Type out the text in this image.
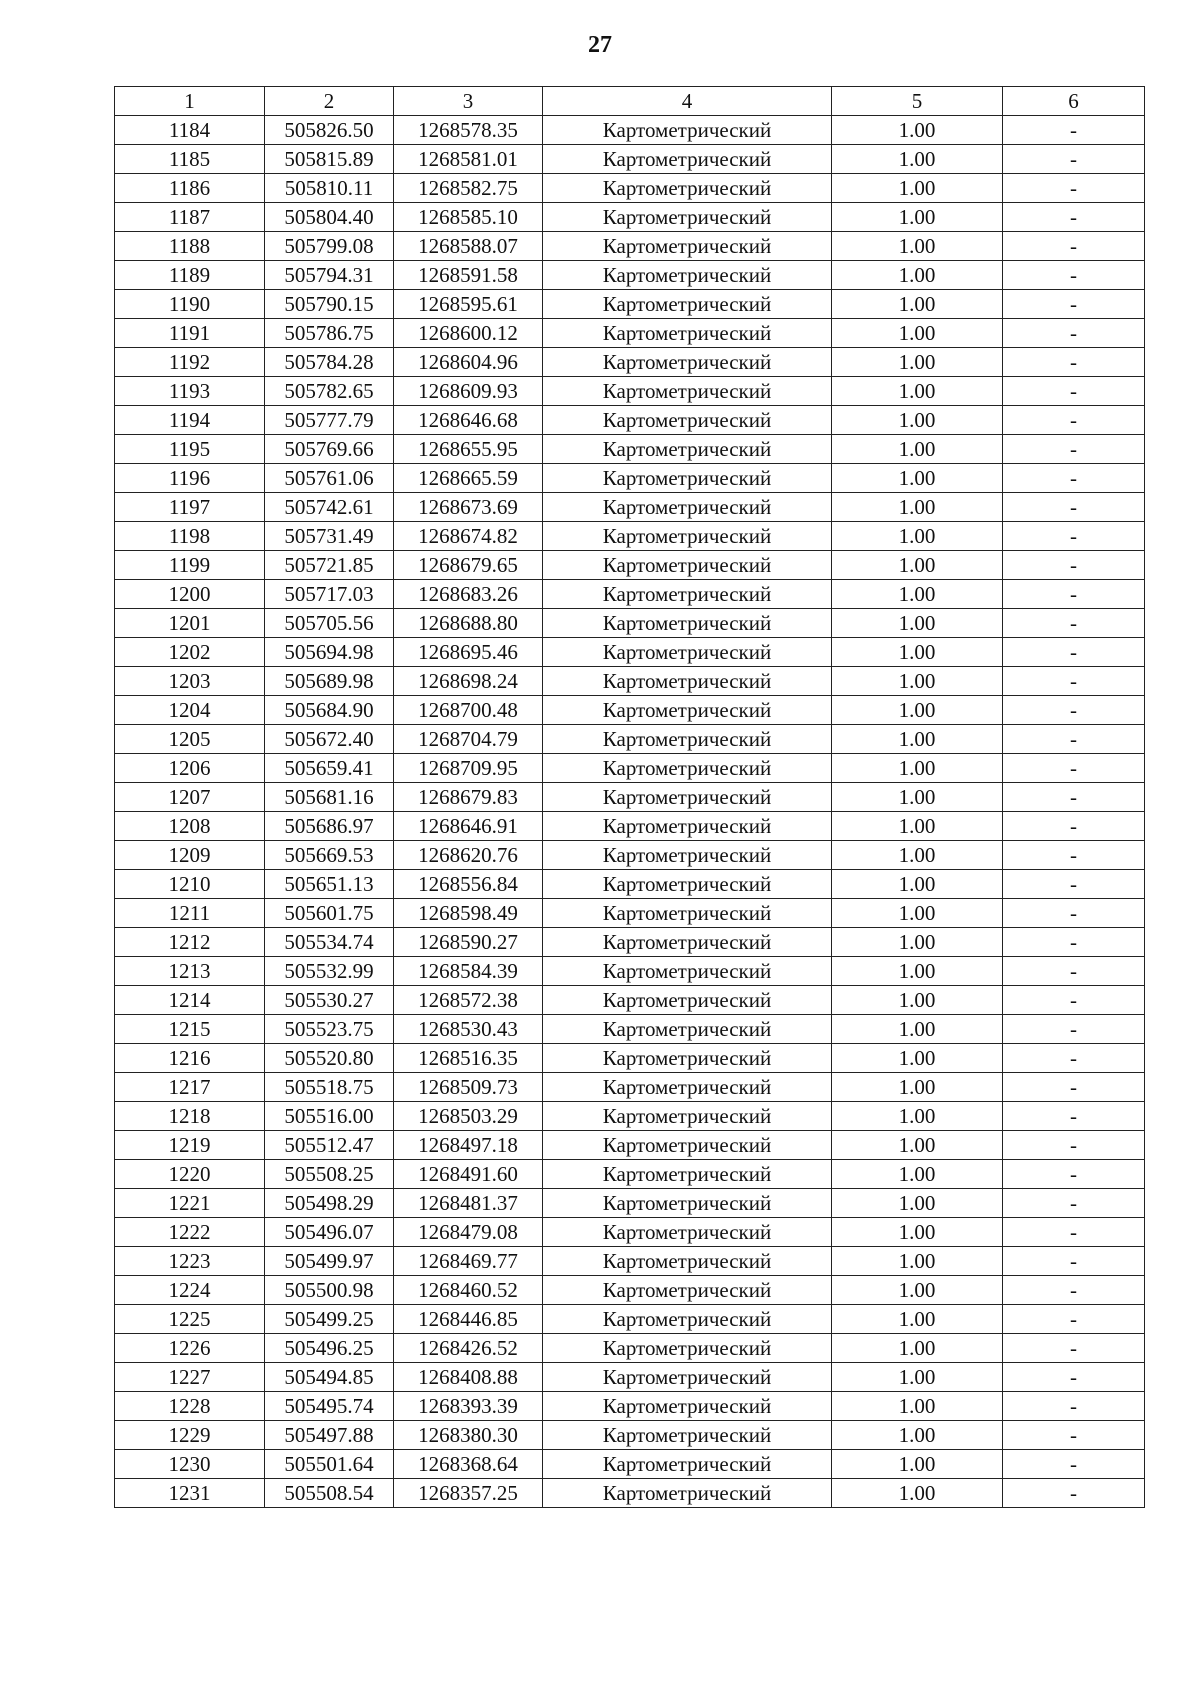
27
1	2	3	4	5	6
1184	505826.50	1268578.35	Картометрический	1.00	-
1185	505815.89	1268581.01	Картометрический	1.00	-
1186	505810.11	1268582.75	Картометрический	1.00	-
1187	505804.40	1268585.10	Картометрический	1.00	-
1188	505799.08	1268588.07	Картометрический	1.00	-
1189	505794.31	1268591.58	Картометрический	1.00	-
1190	505790.15	1268595.61	Картометрический	1.00	-
1191	505786.75	1268600.12	Картометрический	1.00	-
1192	505784.28	1268604.96	Картометрический	1.00	-
1193	505782.65	1268609.93	Картометрический	1.00	-
1194	505777.79	1268646.68	Картометрический	1.00	-
1195	505769.66	1268655.95	Картометрический	1.00	-
1196	505761.06	1268665.59	Картометрический	1.00	-
1197	505742.61	1268673.69	Картометрический	1.00	-
1198	505731.49	1268674.82	Картометрический	1.00	-
1199	505721.85	1268679.65	Картометрический	1.00	-
1200	505717.03	1268683.26	Картометрический	1.00	-
1201	505705.56	1268688.80	Картометрический	1.00	-
1202	505694.98	1268695.46	Картометрический	1.00	-
1203	505689.98	1268698.24	Картометрический	1.00	-
1204	505684.90	1268700.48	Картометрический	1.00	-
1205	505672.40	1268704.79	Картометрический	1.00	-
1206	505659.41	1268709.95	Картометрический	1.00	-
1207	505681.16	1268679.83	Картометрический	1.00	-
1208	505686.97	1268646.91	Картометрический	1.00	-
1209	505669.53	1268620.76	Картометрический	1.00	-
1210	505651.13	1268556.84	Картометрический	1.00	-
1211	505601.75	1268598.49	Картометрический	1.00	-
1212	505534.74	1268590.27	Картометрический	1.00	-
1213	505532.99	1268584.39	Картометрический	1.00	-
1214	505530.27	1268572.38	Картометрический	1.00	-
1215	505523.75	1268530.43	Картометрический	1.00	-
1216	505520.80	1268516.35	Картометрический	1.00	-
1217	505518.75	1268509.73	Картометрический	1.00	-
1218	505516.00	1268503.29	Картометрический	1.00	-
1219	505512.47	1268497.18	Картометрический	1.00	-
1220	505508.25	1268491.60	Картометрический	1.00	-
1221	505498.29	1268481.37	Картометрический	1.00	-
1222	505496.07	1268479.08	Картометрический	1.00	-
1223	505499.97	1268469.77	Картометрический	1.00	-
1224	505500.98	1268460.52	Картометрический	1.00	-
1225	505499.25	1268446.85	Картометрический	1.00	-
1226	505496.25	1268426.52	Картометрический	1.00	-
1227	505494.85	1268408.88	Картометрический	1.00	-
1228	505495.74	1268393.39	Картометрический	1.00	-
1229	505497.88	1268380.30	Картометрический	1.00	-
1230	505501.64	1268368.64	Картометрический	1.00	-
1231	505508.54	1268357.25	Картометрический	1.00	-
